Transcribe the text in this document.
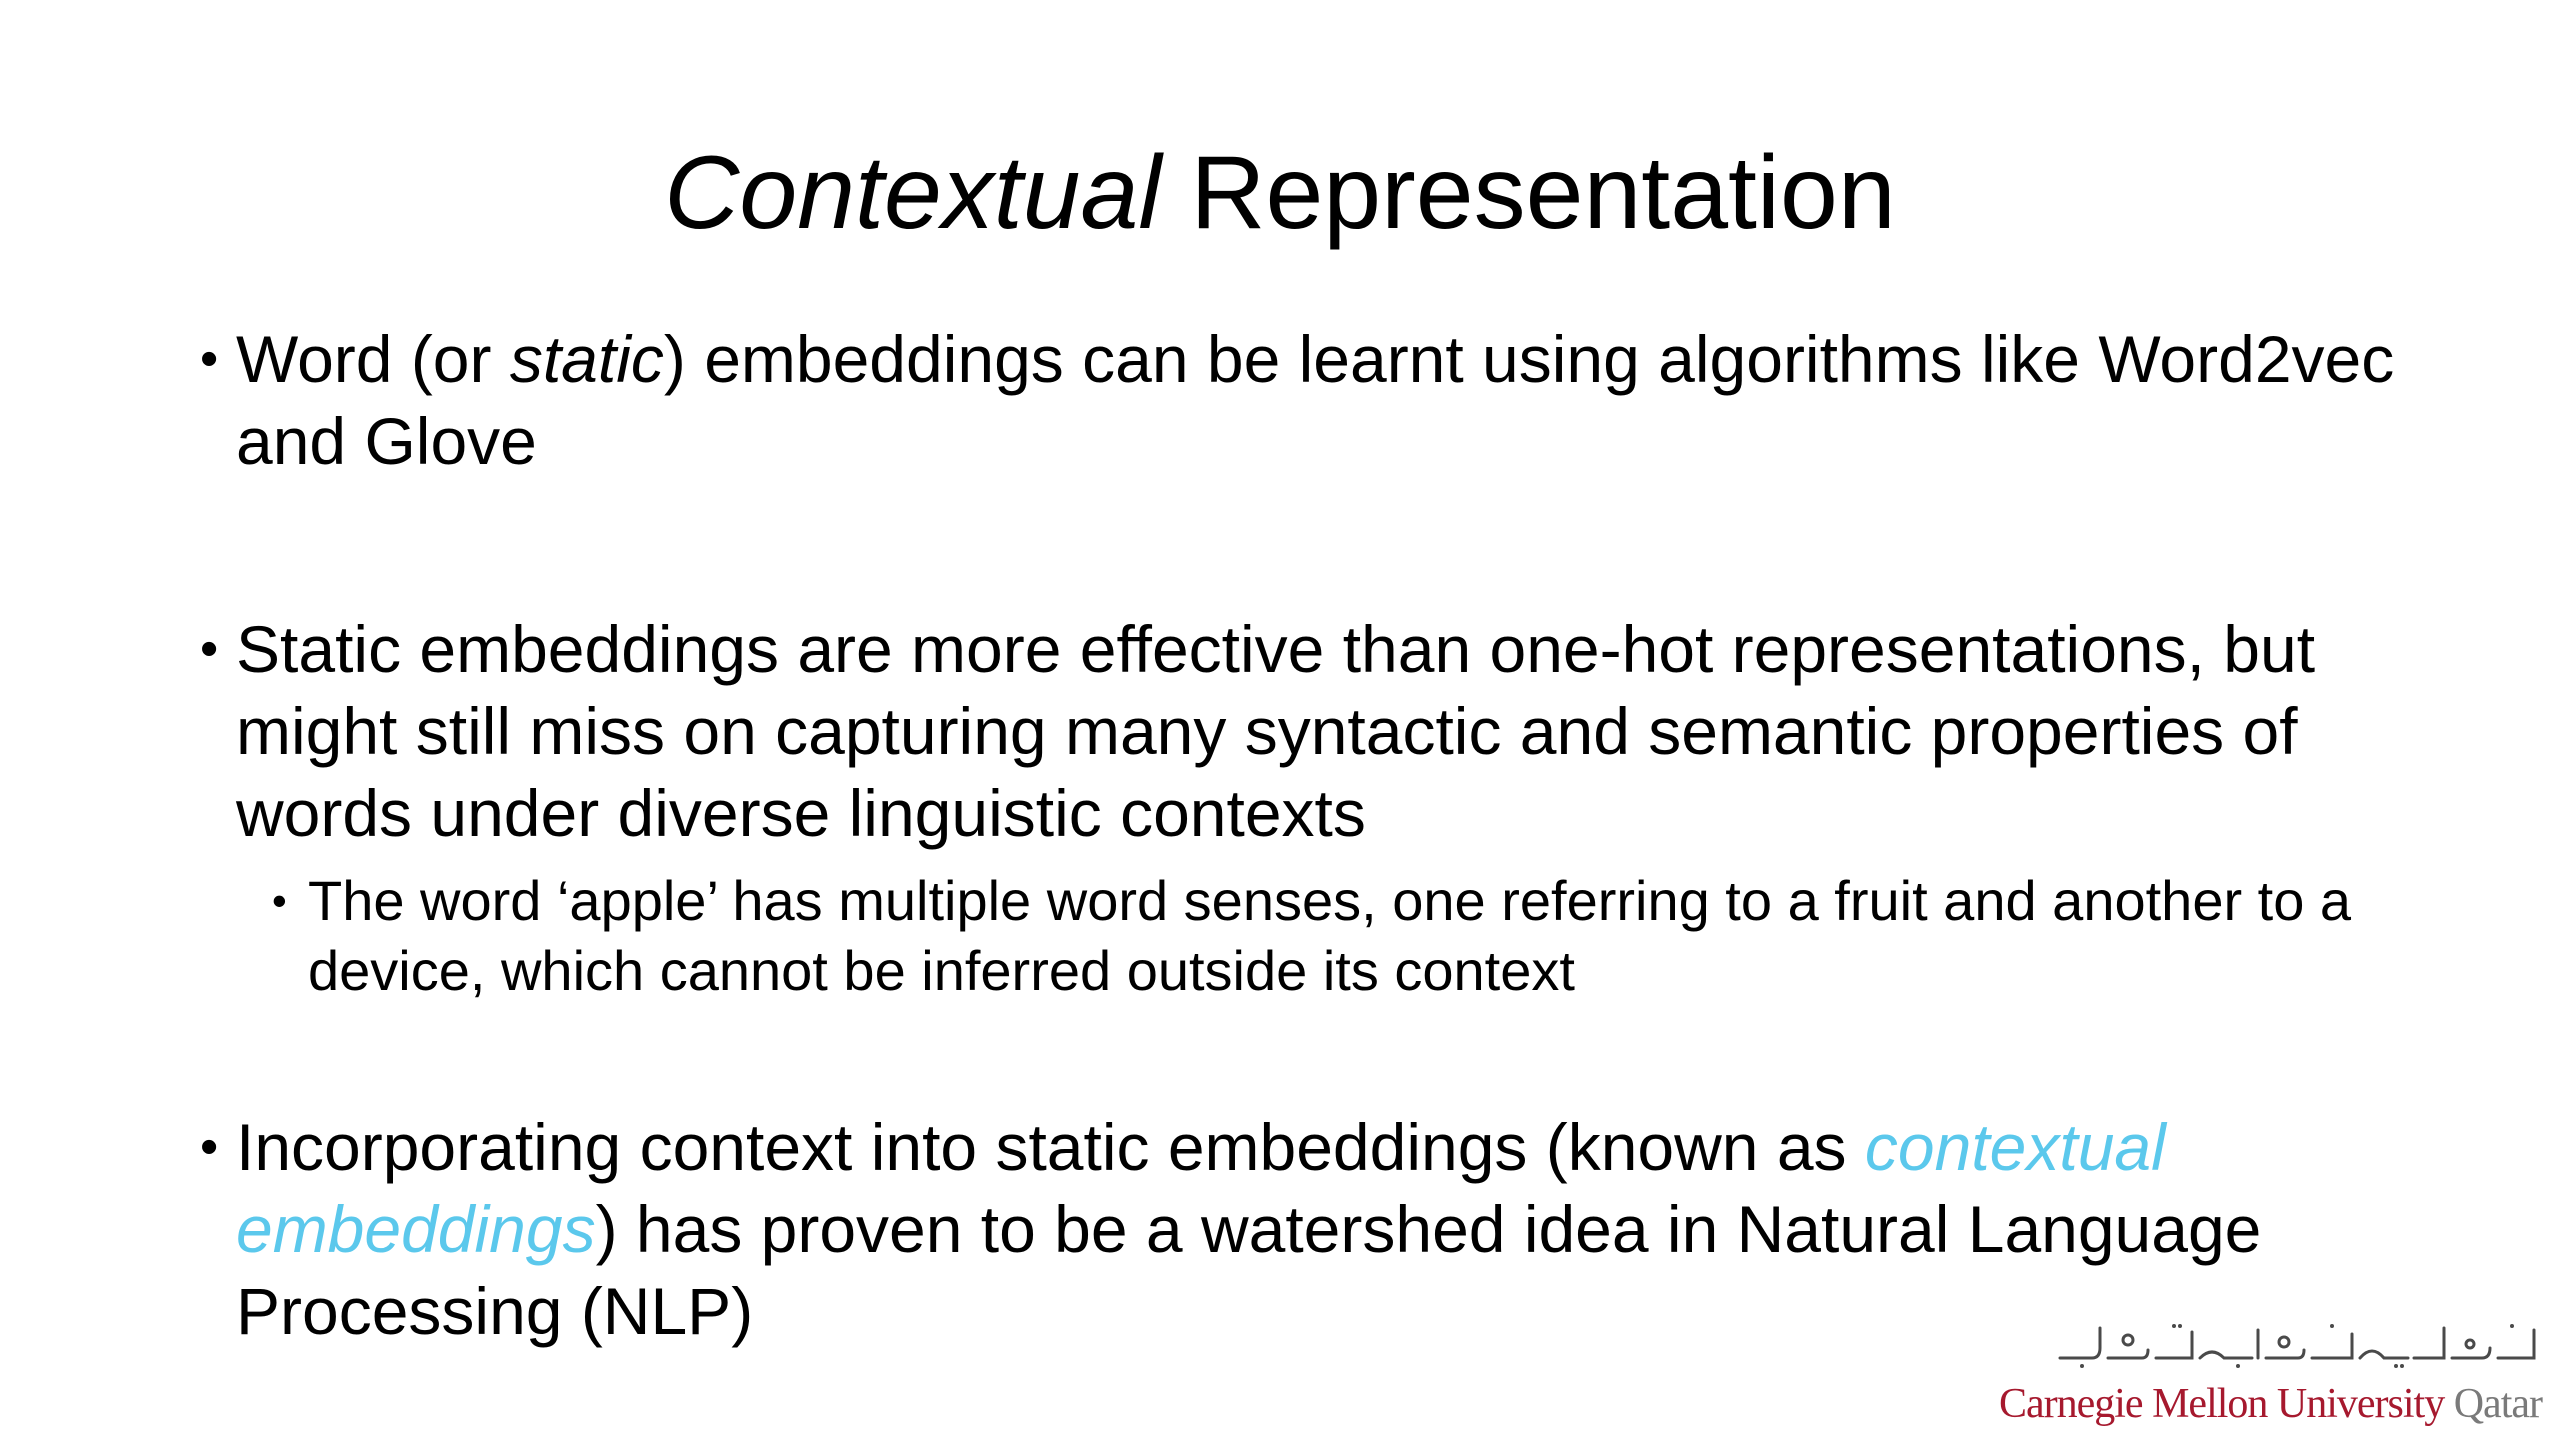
Contextual Representation

• Word (or static) embeddings can be learnt using algorithms like Word2vec and Glove

• Static embeddings are more effective than one-hot representations, but might still miss on capturing many syntactic and semantic properties of words under diverse linguistic contexts

• The word ‘apple’ has multiple word senses, one referring to a fruit and another to a device, which cannot be inferred outside its context

• Incorporating context into static embeddings (known as contextual embeddings) has proven to be a watershed idea in Natural Language Processing (NLP)

Carnegie Mellon University Qatar
